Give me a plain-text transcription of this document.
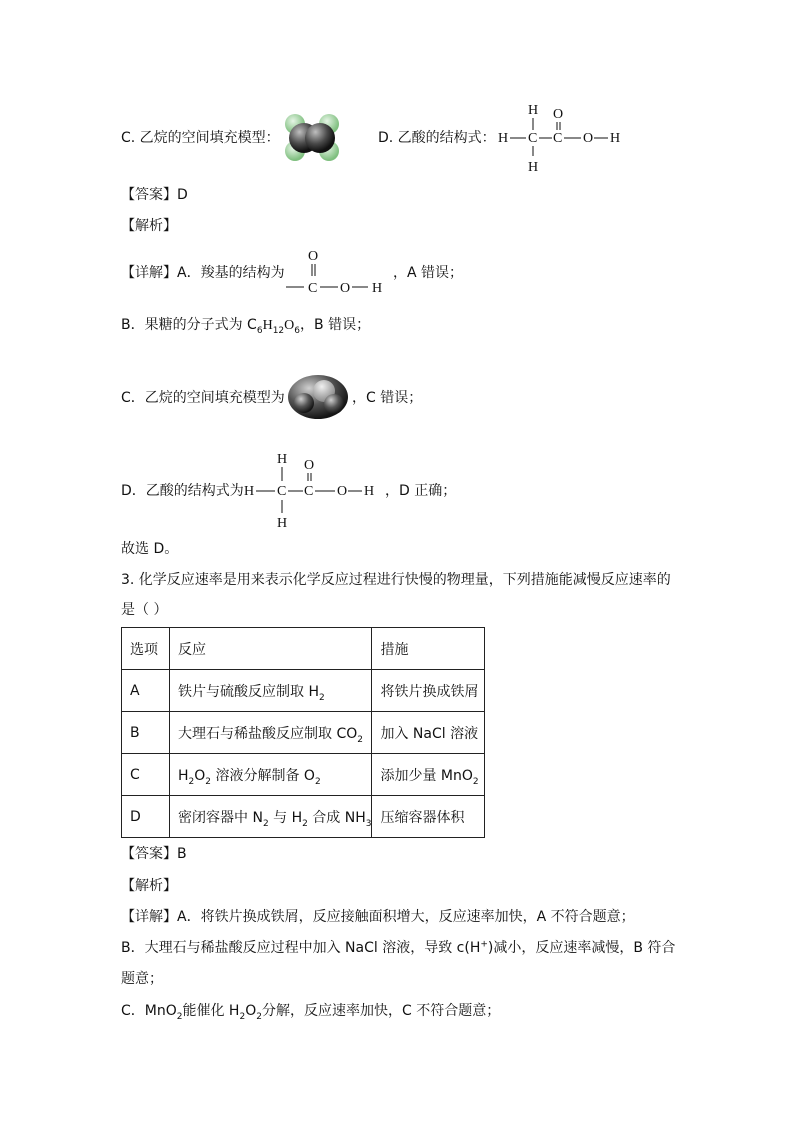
C. 乙烷的空间填充模型：	D. 乙酸的结构式：
H O
H C C O H
H
【答案】D
【解析】
【详解】A．羧基的结构为
O
C O H
，A 错误；
B．果糖的分子式为 $C_6H_{12}O_6$，B 错误；
C．乙烷的空间填充模型为	，C 错误；
D．乙酸的结构式为
H O
H C C O H
H
，D 正确；
故选 D。
3. 化学反应速率是用来表示化学反应过程进行快慢的物理量，下列措施能减慢反应速率的
是（ ）
选项	反应	措施
A	铁片与硫酸反应制取 $H_2$	将铁片换成铁屑
B	大理石与稀盐酸反应制取 $CO_2$	加入 NaCl 溶液
C	$H_2O_2$ 溶液分解制备 $O_2$	添加少量 MnO$_2$
D	密闭容器中 $N_2$ 与 $H_2$ 合成 $NH_3$	压缩容器体积
【答案】B
【解析】
【详解】A．将铁片换成铁屑，反应接触面积增大，反应速率加快，A 不符合题意；
B．大理石与稀盐酸反应过程中加入 NaCl 溶液，导致 c(H+)减小，反应速率减慢，B 符合
题意；
C．MnO$_2$能催化 $H_2O_2$分解，反应速率加快，C 不符合题意；
